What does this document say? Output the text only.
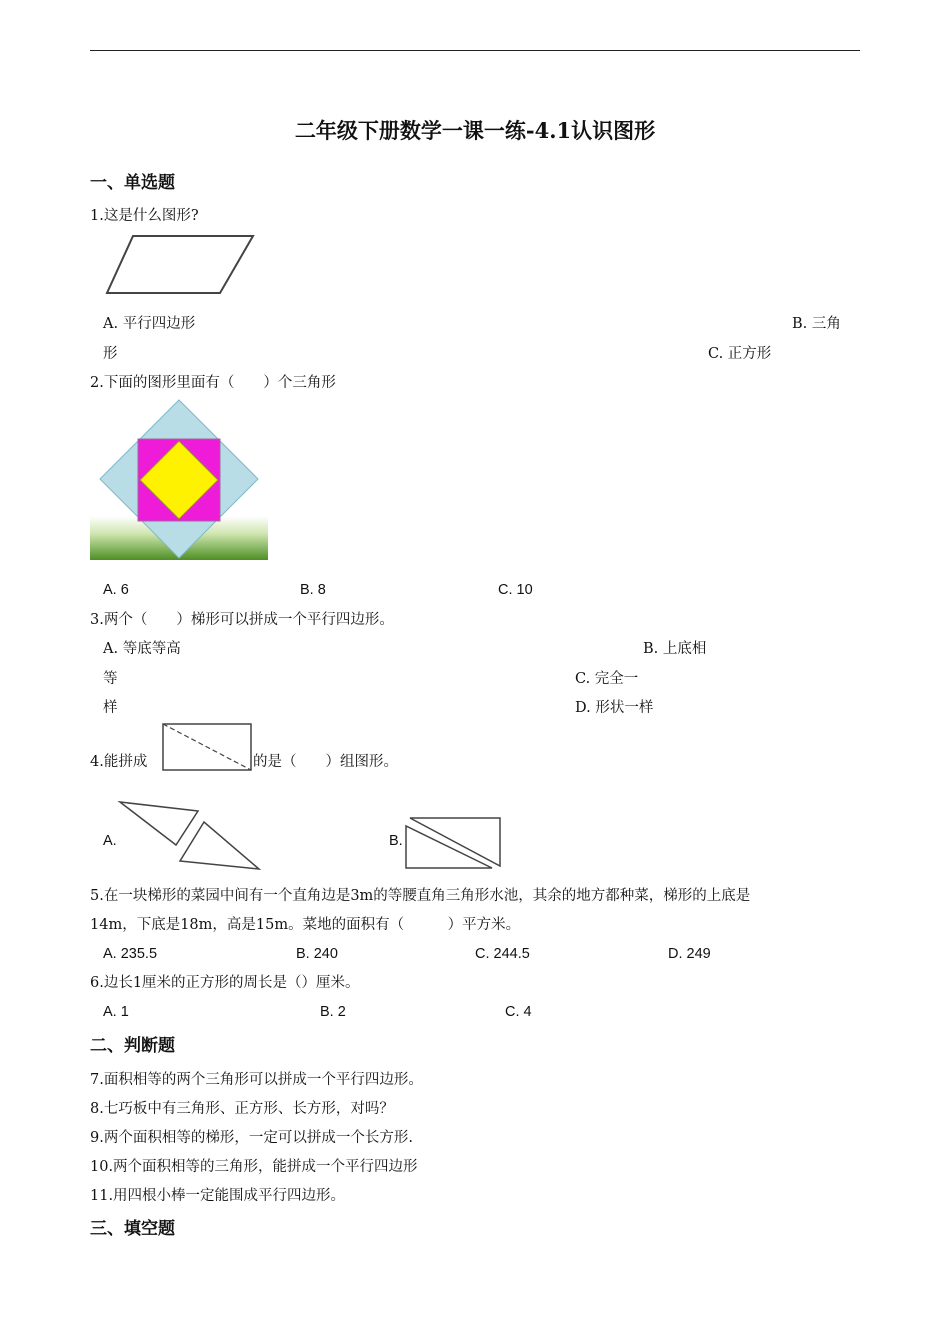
二年级下册数学一课一练-4.1认识图形
一、单选题
1.这是什么图形?
A. 平行四边形	B. 三角
形	C. 正方形
2.下面的图形里面有（　　）个三角形
A. 6	B. 8	C. 10
3.两个（　　）梯形可以拼成一个平行四边形。
A. 等底等高	B. 上底相
等	C. 完全一
样	D. 形状一样
4.能拼成	的是（　　）组图形。
A.	B.
5.在一块梯形的菜园中间有一个直角边是3m的等腰直角三角形水池，其余的地方都种菜，梯形的上底是
14m，下底是18m，高是15m。菜地的面积有（　　　）平方米。
A. 235.5	B. 240	C. 244.5	D. 249
6.边长1厘米的正方形的周长是（）厘米。
A. 1	B. 2	C. 4
二、判断题
7.面积相等的两个三角形可以拼成一个平行四边形。
8.七巧板中有三角形、正方形、长方形，对吗？
9.两个面积相等的梯形，一定可以拼成一个长方形.
10.两个面积相等的三角形，能拼成一个平行四边形
11.用四根小棒一定能围成平行四边形。
三、填空题
